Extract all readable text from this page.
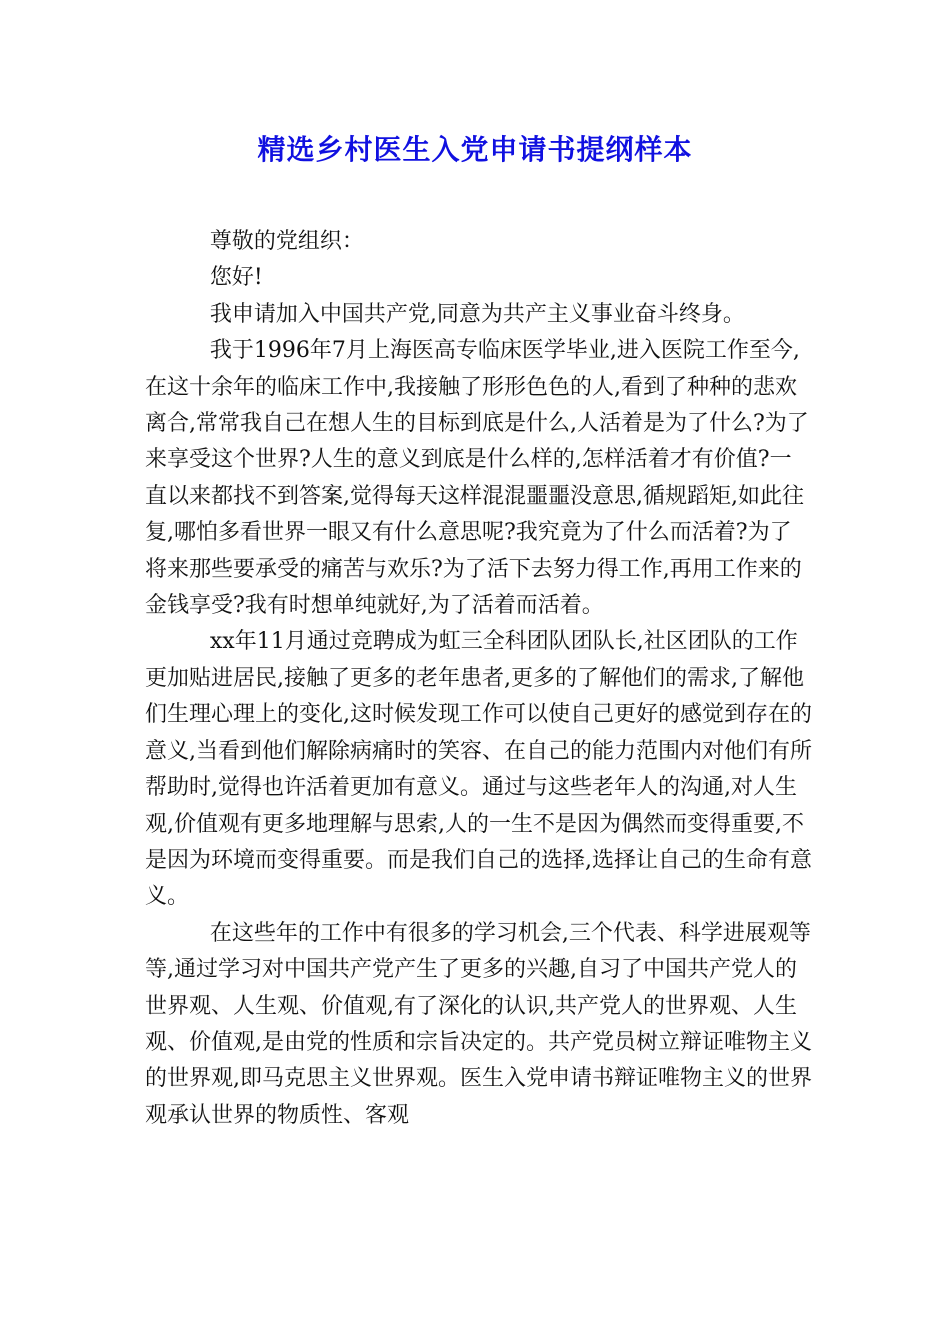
精选乡村医生入党申请书提纲样本

尊敬的党组织：

您好!

我申请加入中国共产党,同意为共产主义事业奋斗终身。

我于1996年7月上海医高专临床医学毕业,进入医院工作至今,在这十余年的临床工作中,我接触了形形色色的人,看到了种种的悲欢离合,常常我自己在想人生的目标到底是什么,人活着是为了什么?为了来享受这个世界?人生的意义到底是什么样的,怎样活着才有价值?一直以来都找不到答案,觉得每天这样混混噩噩没意思,循规蹈矩,如此往复,哪怕多看世界一眼又有什么意思呢?我究竟为了什么而活着?为了将来那些要承受的痛苦与欢乐?为了活下去努力得工作,再用工作来的金钱享受?我有时想单纯就好,为了活着而活着。

xx年11月通过竞聘成为虹三全科团队团队长,社区团队的工作更加贴进居民,接触了更多的老年患者,更多的了解他们的需求,了解他们生理心理上的变化,这时候发现工作可以使自己更好的感觉到存在的意义,当看到他们解除病痛时的笑容、在自己的能力范围内对他们有所帮助时,觉得也许活着更加有意义。通过与这些老年人的沟通,对人生观,价值观有更多地理解与思索,人的一生不是因为偶然而变得重要,不是因为环境而变得重要。而是我们自己的选择,选择让自己的生命有意义。

在这些年的工作中有很多的学习机会,三个代表、科学进展观等等,通过学习对中国共产党产生了更多的兴趣,自习了中国共产党人的世界观、人生观、价值观,有了深化的认识,共产党人的世界观、人生观、价值观,是由党的性质和宗旨决定的。共产党员树立辩证唯物主义的世界观,即马克思主义世界观。医生入党申请书辩证唯物主义的世界观承认世界的物质性、客观
